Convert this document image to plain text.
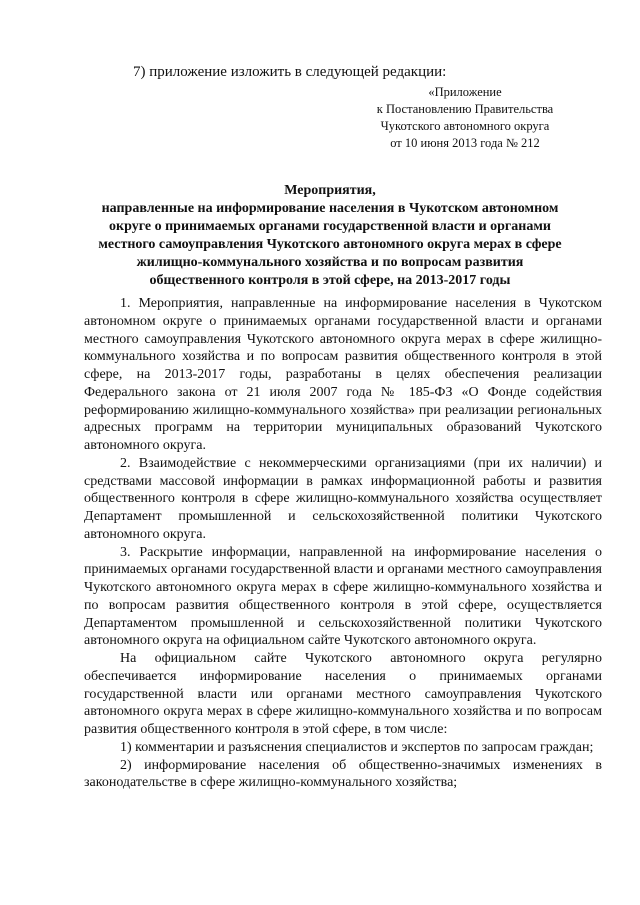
7) приложение изложить в следующей редакции:
«Приложение
к Постановлению Правительства
Чукотского автономного округа
от 10 июня 2013 года № 212
Мероприятия,
направленные на информирование населения в Чукотском автономном
округе о принимаемых органами государственной власти и органами
местного самоуправления Чукотского автономного округа мерах в сфере
жилищно-коммунального хозяйства и по вопросам развития
общественного контроля в этой сфере, на 2013-2017 годы

1. Мероприятия, направленные на информирование населения в Чукотском автономном округе о принимаемых органами государственной власти и органами местного самоуправления Чукотского автономного округа мерах в сфере жилищно-коммунального хозяйства и по вопросам развития общественного контроля в этой сфере, на 2013-2017 годы, разработаны в целях обеспечения реализации Федерального закона от 21 июля 2007 года № 185-ФЗ «О Фонде содействия реформированию жилищно-коммунального хозяйства» при реализации региональных адресных программ на территории муниципальных образований Чукотского автономного округа.

2. Взаимодействие с некоммерческими организациями (при их наличии) и средствами массовой информации в рамках информационной работы и развития общественного контроля в сфере жилищно-коммунального хозяйства осуществляет Департамент промышленной и сельскохозяйственной политики Чукотского автономного округа.

3. Раскрытие информации, направленной на информирование населения о принимаемых органами государственной власти и органами местного самоуправления Чукотского автономного округа мерах в сфере жилищно-коммунального хозяйства и по вопросам развития общественного контроля в этой сфере, осуществляется Департаментом промышленной и сельскохозяйственной политики Чукотского автономного округа на официальном сайте Чукотского автономного округа.

На официальном сайте Чукотского автономного округа регулярно обеспечивается информирование населения о принимаемых органами государственной власти или органами местного самоуправления Чукотского автономного округа мерах в сфере жилищно-коммунального хозяйства и по вопросам развития общественного контроля в этой сфере, в том числе:

1) комментарии и разъяснения специалистов и экспертов по запросам граждан;

2) информирование населения об общественно-значимых изменениях в законодательстве в сфере жилищно-коммунального хозяйства;
